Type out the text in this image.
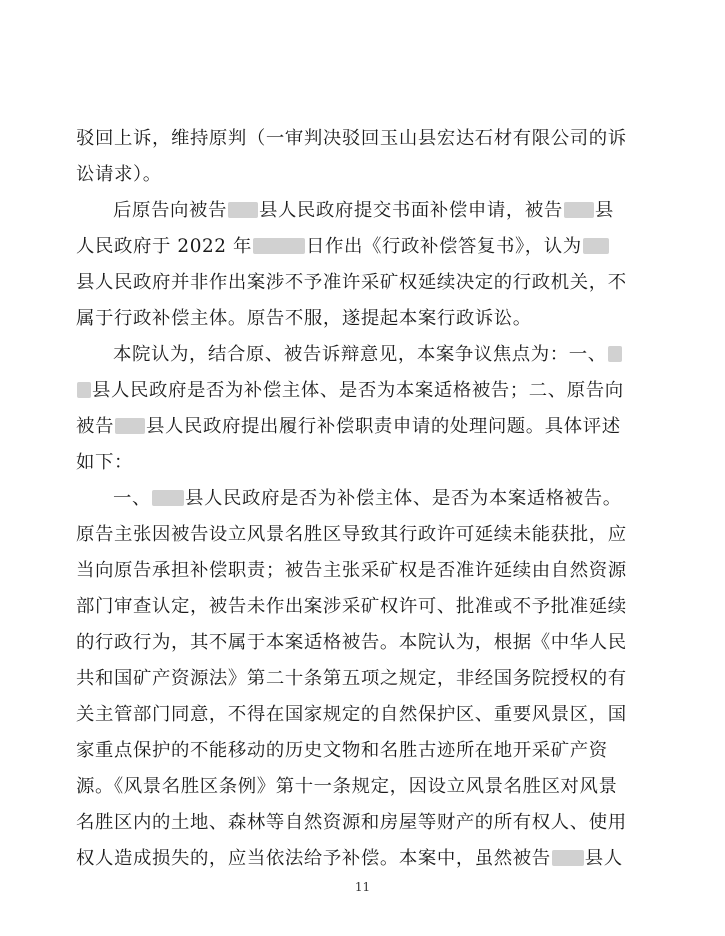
驳回上诉，维持原判（一审判决驳回玉山县宏达石材有限公司的诉
讼请求）。
后原告向被告 县人民政府提交书面补偿申请，被告 县
人民政府于 2022 年	日作出《行政补偿答复书》，认为
县人民政府并非作出案涉不予准许采矿权延续决定的行政机关，不
属于行政补偿主体。原告不服，遂提起本案行政诉讼。
本院认为，结合原、被告诉辩意见，本案争议焦点为：一、
县人民政府是否为补偿主体、是否为本案适格被告；二、原告向
被告 县人民政府提出履行补偿职责申请的处理问题。具体评述
如下：
一、 县人民政府是否为补偿主体、是否为本案适格被告。
原告主张因被告设立风景名胜区导致其行政许可延续未能获批，应
当向原告承担补偿职责；被告主张采矿权是否准许延续由自然资源
部门审查认定，被告未作出案涉采矿权许可、批准或不予批准延续
的行政行为，其不属于本案适格被告。本院认为，根据《中华人民
共和国矿产资源法》第二十条第五项之规定，非经国务院授权的有
关主管部门同意，不得在国家规定的自然保护区、重要风景区，国
家重点保护的不能移动的历史文物和名胜古迹所在地开采矿产资
源。《风景名胜区条例》第十一条规定，因设立风景名胜区对风景
名胜区内的土地、森林等自然资源和房屋等财产的所有权人、使用
权人造成损失的，应当依法给予补偿。本案中，虽然被告 县人
11
